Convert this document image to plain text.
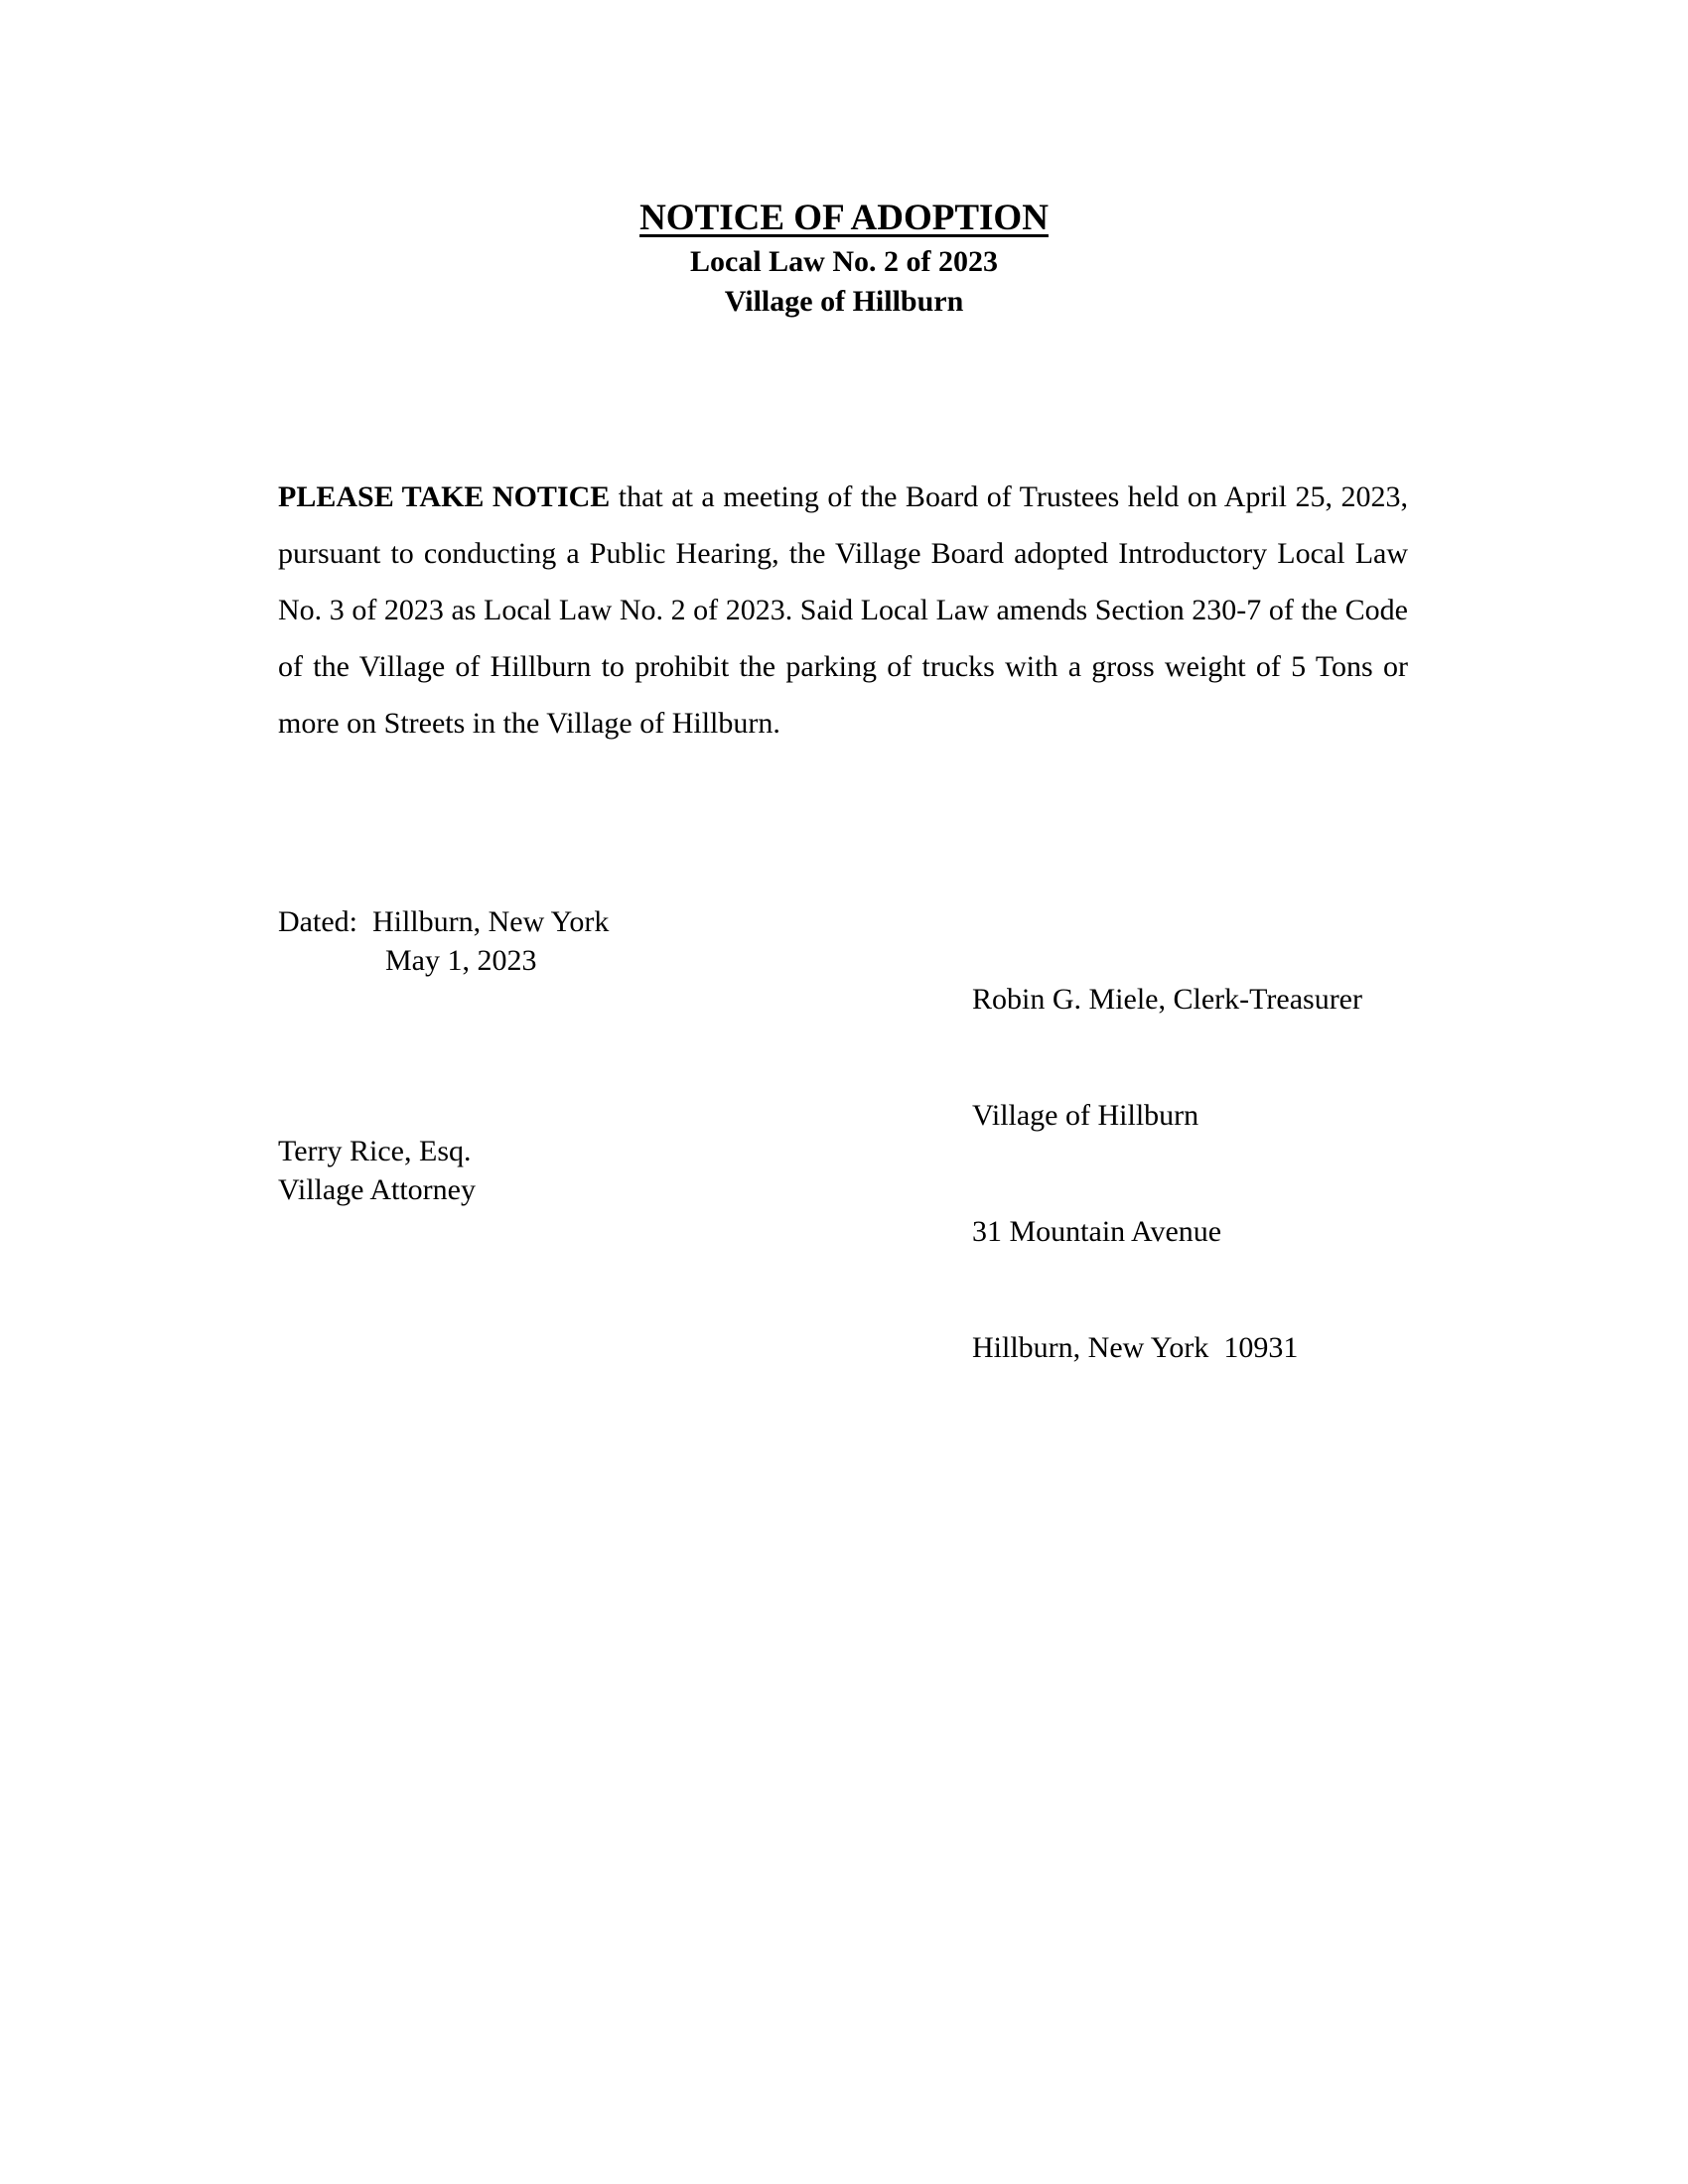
NOTICE OF ADOPTION
Local Law No. 2 of 2023
Village of Hillburn
PLEASE TAKE NOTICE that at a meeting of the Board of Trustees held on April 25, 2023, pursuant to conducting a Public Hearing, the Village Board adopted Introductory Local Law No. 3 of 2023 as Local Law No. 2 of 2023. Said Local Law amends Section 230-7 of the Code of the Village of Hillburn to prohibit the parking of trucks with a gross weight of 5 Tons or more on Streets in the Village of Hillburn.
Dated: Hillburn, New York
May 1, 2023

Robin G. Miele, Clerk-Treasurer

Village of Hillburn

31 Mountain Avenue

Hillburn, New York  10931

Terry Rice, Esq.
Village Attorney
